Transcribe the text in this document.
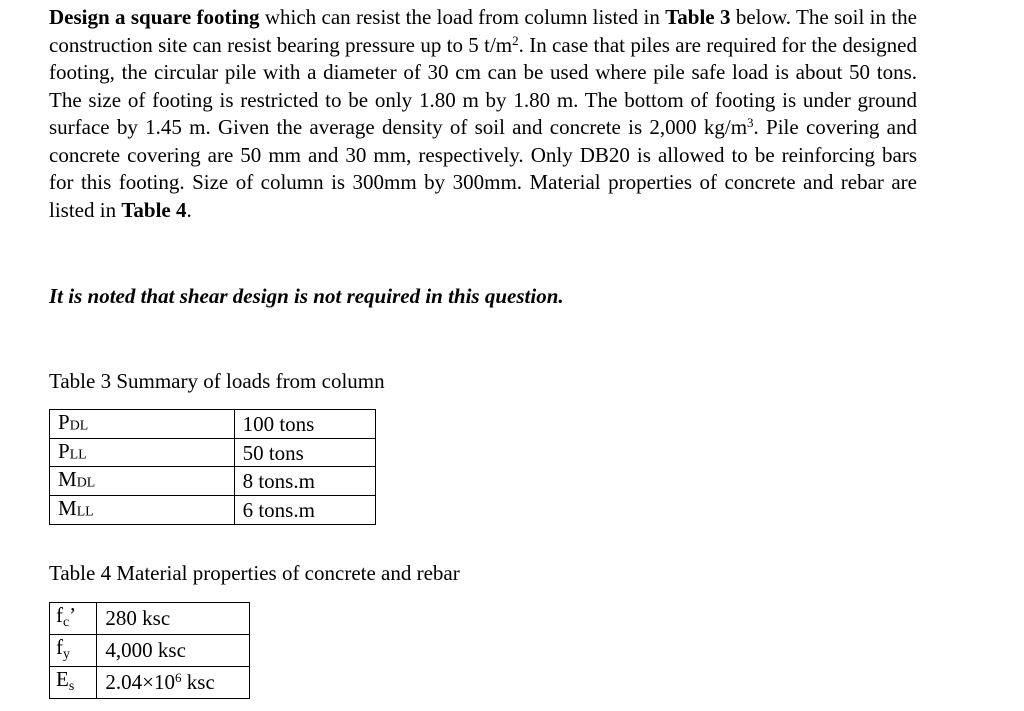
Design a square footing which can resist the load from column listed in Table 3 below. The soil in the construction site can resist bearing pressure up to 5 $t/m^2$. In case that piles are required for the designed footing, the circular pile with a diameter of 30 cm can be used where pile safe load is about 50 tons. The size of footing is restricted to be only 1.80 m by 1.80 m. The bottom of footing is under ground surface by 1.45 m. Given the average density of soil and concrete is 2,000 $kg/m^3$. Pile covering and concrete covering are 50 mm and 30 mm, respectively. Only DB20 is allowed to be reinforcing bars for this footing. Size of column is 300mm by 300mm. Material properties of concrete and rebar are listed in Table 4.

It is noted that shear design is not required in this question.

Table 3 Summary of loads from column

PDL	100 tons
PLL	50 tons
MDL	8 tons.m
MLL	6 tons.m

Table 4 Material properties of concrete and rebar

fc’	280 ksc
fy	4,000 ksc
Es	$2.04\times 10^6$ ksc
